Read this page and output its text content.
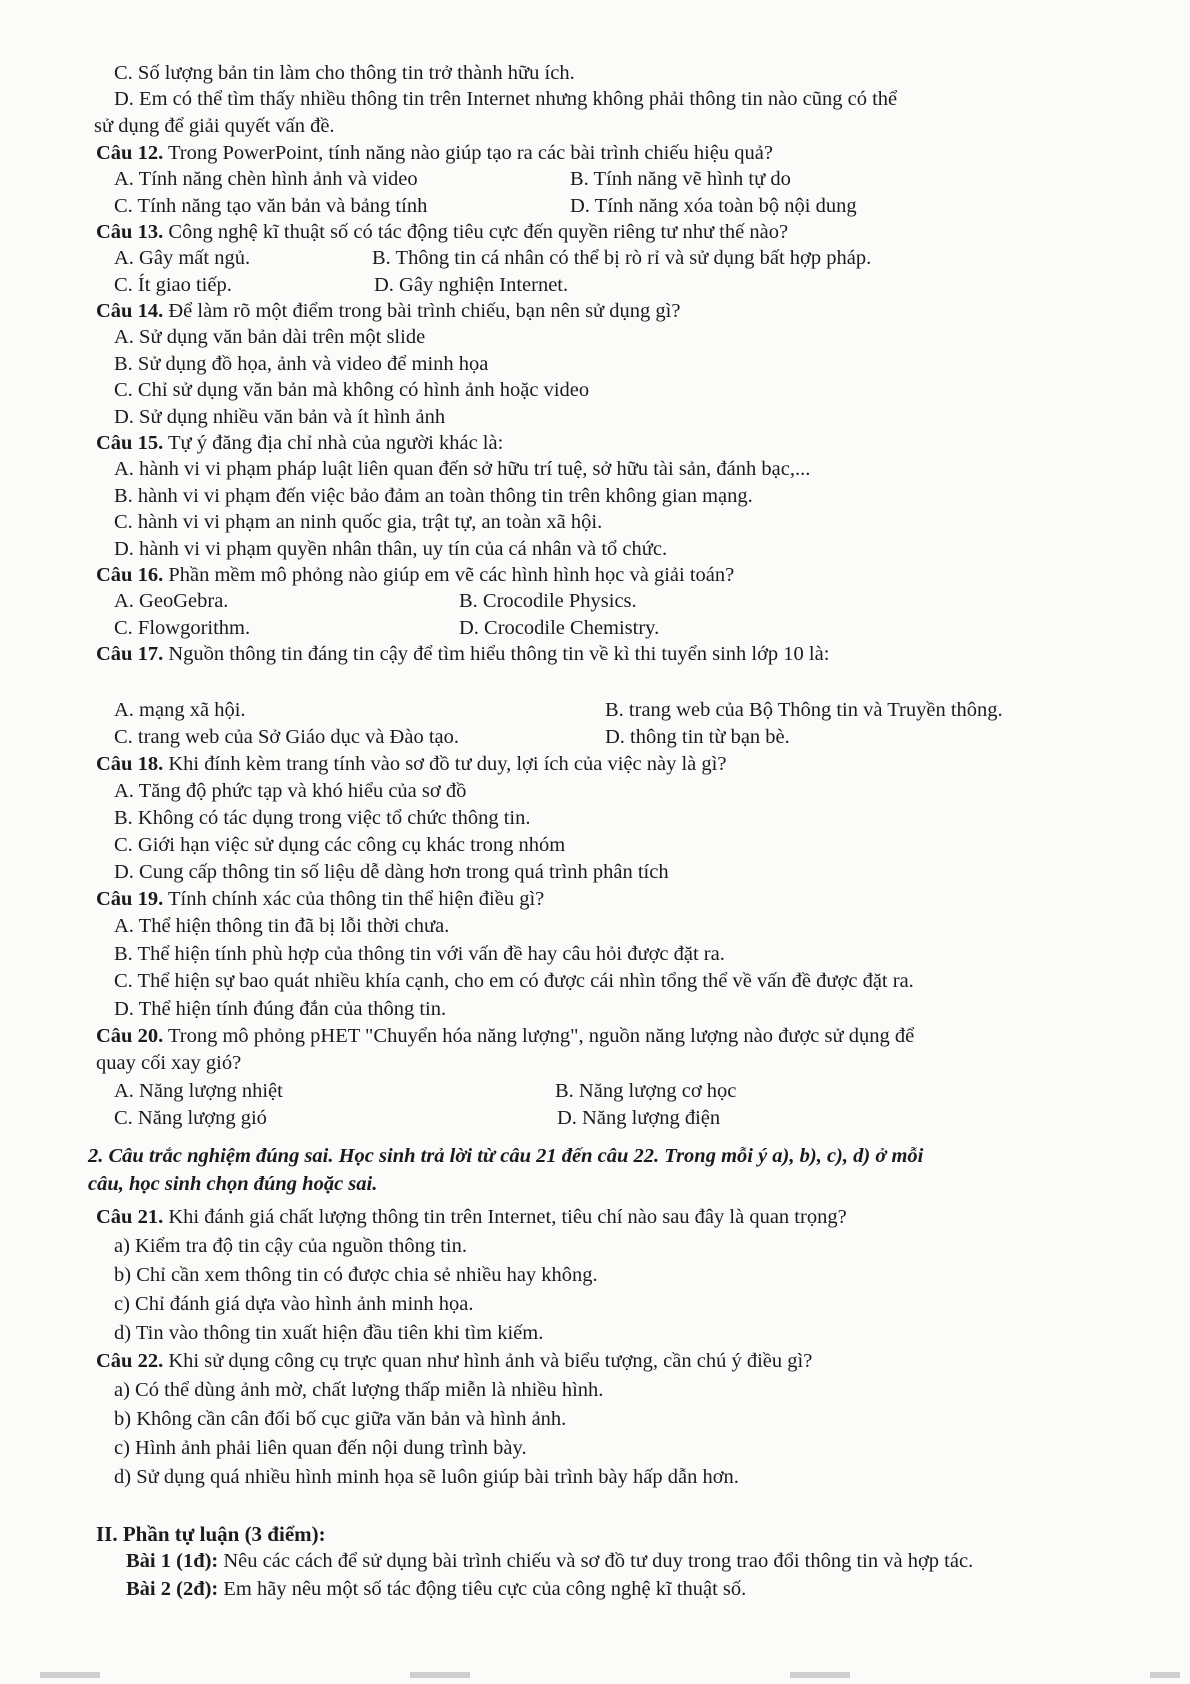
C. Số lượng bản tin làm cho thông tin trở thành hữu ích.
D. Em có thể tìm thấy nhiều thông tin trên Internet nhưng không phải thông tin nào cũng có thể
sử dụng để giải quyết vấn đề.
Câu 12. Trong PowerPoint, tính năng nào giúp tạo ra các bài trình chiếu hiệu quả?
A. Tính năng chèn hình ảnh và video	B. Tính năng vẽ hình tự do
C. Tính năng tạo văn bản và bảng tính	D. Tính năng xóa toàn bộ nội dung
Câu 13. Công nghệ kĩ thuật số có tác động tiêu cực đến quyền riêng tư như thế nào?
A. Gây mất ngủ.	B. Thông tin cá nhân có thể bị rò rỉ và sử dụng bất hợp pháp.
C. Ít giao tiếp.	D. Gây nghiện Internet.
Câu 14. Để làm rõ một điểm trong bài trình chiếu, bạn nên sử dụng gì?
A. Sử dụng văn bản dài trên một slide
B. Sử dụng đồ họa, ảnh và video để minh họa
C. Chỉ sử dụng văn bản mà không có hình ảnh hoặc video
D. Sử dụng nhiều văn bản và ít hình ảnh
Câu 15. Tự ý đăng địa chỉ nhà của người khác là:
A. hành vi vi phạm pháp luật liên quan đến sở hữu trí tuệ, sở hữu tài sản, đánh bạc,...
B. hành vi vi phạm đến việc bảo đảm an toàn thông tin trên không gian mạng.
C. hành vi vi phạm an ninh quốc gia, trật tự, an toàn xã hội.
D. hành vi vi phạm quyền nhân thân, uy tín của cá nhân và tổ chức.
Câu 16. Phần mềm mô phỏng nào giúp em vẽ các hình hình học và giải toán?
A. GeoGebra.	B. Crocodile Physics.
C. Flowgorithm.	D. Crocodile Chemistry.
Câu 17. Nguồn thông tin đáng tin cậy để tìm hiểu thông tin về kì thi tuyển sinh lớp 10 là:
A. mạng xã hội.	B. trang web của Bộ Thông tin và Truyền thông.
C. trang web của Sở Giáo dục và Đào tạo.	D. thông tin từ bạn bè.
Câu 18. Khi đính kèm trang tính vào sơ đồ tư duy, lợi ích của việc này là gì?
A. Tăng độ phức tạp và khó hiểu của sơ đồ
B. Không có tác dụng trong việc tổ chức thông tin.
C. Giới hạn việc sử dụng các công cụ khác trong nhóm
D. Cung cấp thông tin số liệu dễ dàng hơn trong quá trình phân tích
Câu 19. Tính chính xác của thông tin thể hiện điều gì?
A. Thể hiện thông tin đã bị lỗi thời chưa.
B. Thể hiện tính phù hợp của thông tin với vấn đề hay câu hỏi được đặt ra.
C. Thể hiện sự bao quát nhiều khía cạnh, cho em có được cái nhìn tổng thể về vấn đề được đặt ra.
D. Thể hiện tính đúng đắn của thông tin.
Câu 20. Trong mô phỏng pHET "Chuyển hóa năng lượng", nguồn năng lượng nào được sử dụng để
quay cối xay gió?
A. Năng lượng nhiệt	B. Năng lượng cơ học
C. Năng lượng gió	D. Năng lượng điện
2. Câu trắc nghiệm đúng sai. Học sinh trả lời từ câu 21 đến câu 22. Trong mỗi ý a), b), c), d) ở mỗi
câu, học sinh chọn đúng hoặc sai.
Câu 21. Khi đánh giá chất lượng thông tin trên Internet, tiêu chí nào sau đây là quan trọng?
a) Kiểm tra độ tin cậy của nguồn thông tin.
b) Chỉ cần xem thông tin có được chia sẻ nhiều hay không.
c) Chỉ đánh giá dựa vào hình ảnh minh họa.
d) Tin vào thông tin xuất hiện đầu tiên khi tìm kiếm.
Câu 22. Khi sử dụng công cụ trực quan như hình ảnh và biểu tượng, cần chú ý điều gì?
a) Có thể dùng ảnh mờ, chất lượng thấp miễn là nhiều hình.
b) Không cần cân đối bố cục giữa văn bản và hình ảnh.
c) Hình ảnh phải liên quan đến nội dung trình bày.
d) Sử dụng quá nhiều hình minh họa sẽ luôn giúp bài trình bày hấp dẫn hơn.
II. Phần tự luận (3 điểm):
Bài 1 (1đ): Nêu các cách để sử dụng bài trình chiếu và sơ đồ tư duy trong trao đổi thông tin và hợp tác.
Bài 2 (2đ): Em hãy nêu một số tác động tiêu cực của công nghệ kĩ thuật số.
